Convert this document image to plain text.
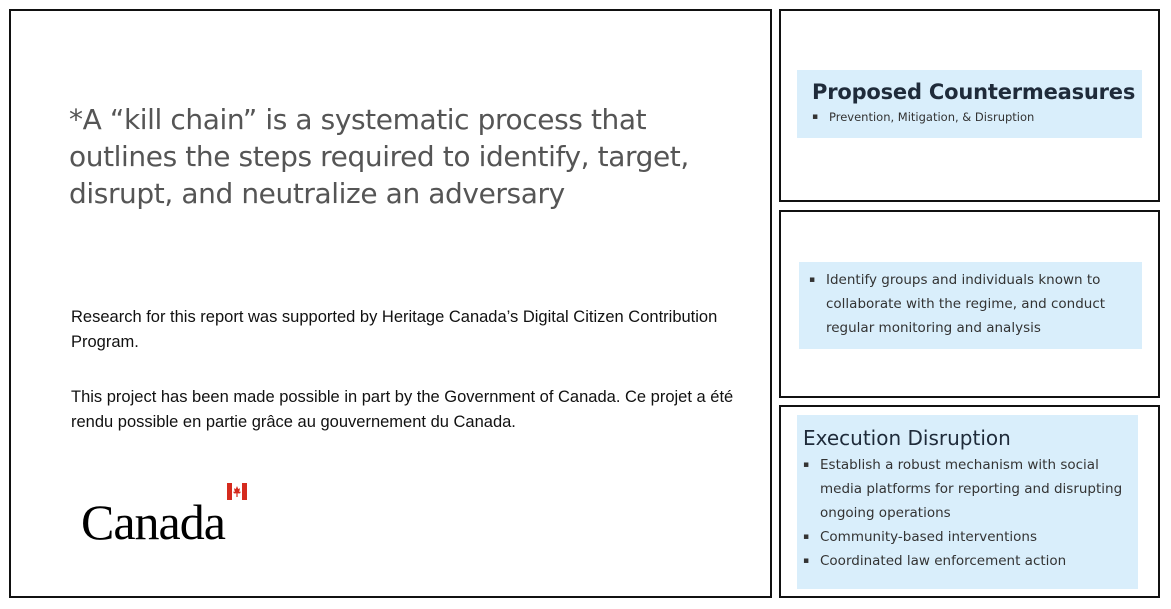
*A “kill chain” is a systematic process that outlines the steps required to identify, target, disrupt, and neutralize an adversary

Research for this report was supported by Heritage Canada’s Digital Citizen Contribution Program.

This project has been made possible in part by the Government of Canada. Ce projet a été rendu possible en partie grâce au gouvernement du Canada.

Canada
Proposed Countermeasures
▪ Prevention, Mitigation, & Disruption
▪ Identify groups and individuals known to collaborate with the regime, and conduct regular monitoring and analysis
Execution Disruption
▪ Establish a robust mechanism with social media platforms for reporting and disrupting ongoing operations
▪ Community-based interventions
▪ Coordinated law enforcement action
